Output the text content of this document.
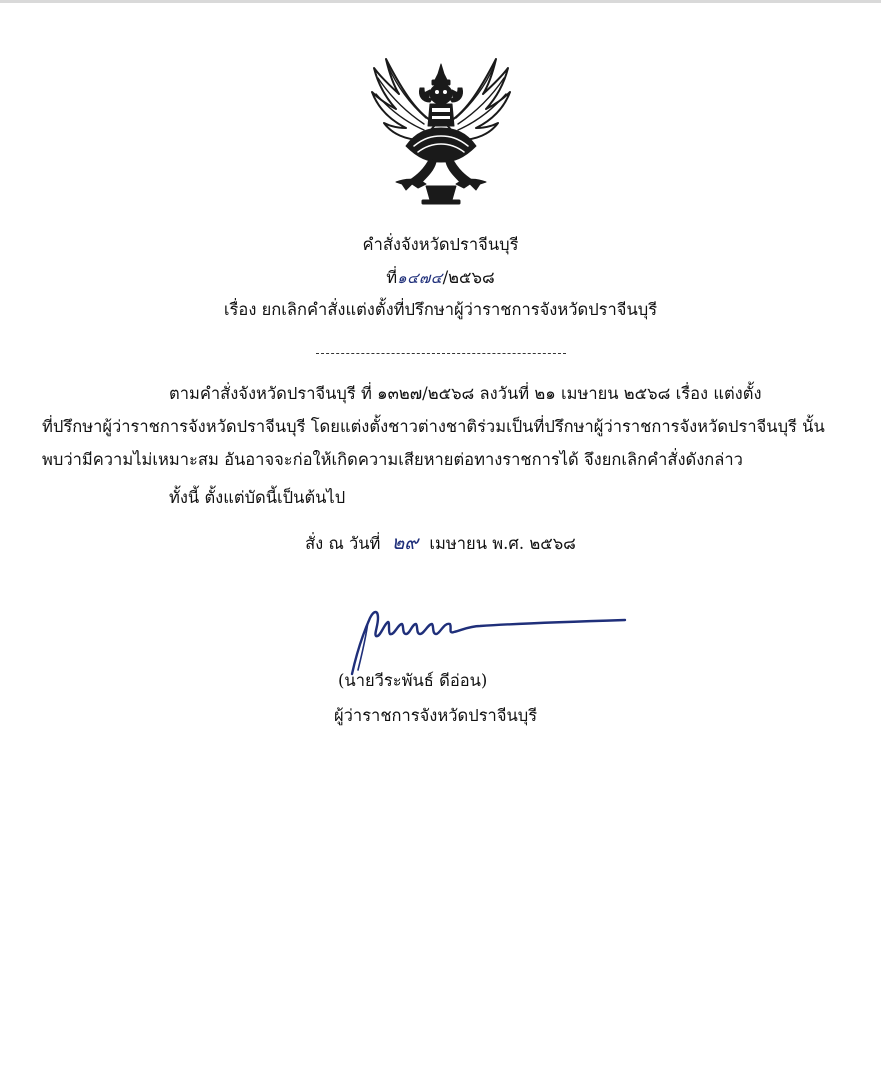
คำสั่งจังหวัดปราจีนบุรี
ที่๑๔๗๔/๒๕๖๘
เรื่อง ยกเลิกคำสั่งแต่งตั้งที่ปรึกษาผู้ว่าราชการจังหวัดปราจีนบุรี
ตามคำสั่งจังหวัดปราจีนบุรี ที่ ๑๓๒๗/๒๕๖๘ ลงวันที่ ๒๑ เมษายน ๒๕๖๘ เรื่อง แต่งตั้ง
ที่ปรึกษาผู้ว่าราชการจังหวัดปราจีนบุรี โดยแต่งตั้งชาวต่างชาติร่วมเป็นที่ปรึกษาผู้ว่าราชการจังหวัดปราจีนบุรี นั้น
พบว่ามีความไม่เหมาะสม อันอาจจะก่อให้เกิดความเสียหายต่อทางราชการได้ จึงยกเลิกคำสั่งดังกล่าว
ทั้งนี้ ตั้งแต่บัดนี้เป็นต้นไป
สั่ง ณ วันที่ ๒๙ เมษายน พ.ศ. ๒๕๖๘
(นายวีระพันธ์ ดีอ่อน)
ผู้ว่าราชการจังหวัดปราจีนบุรี
